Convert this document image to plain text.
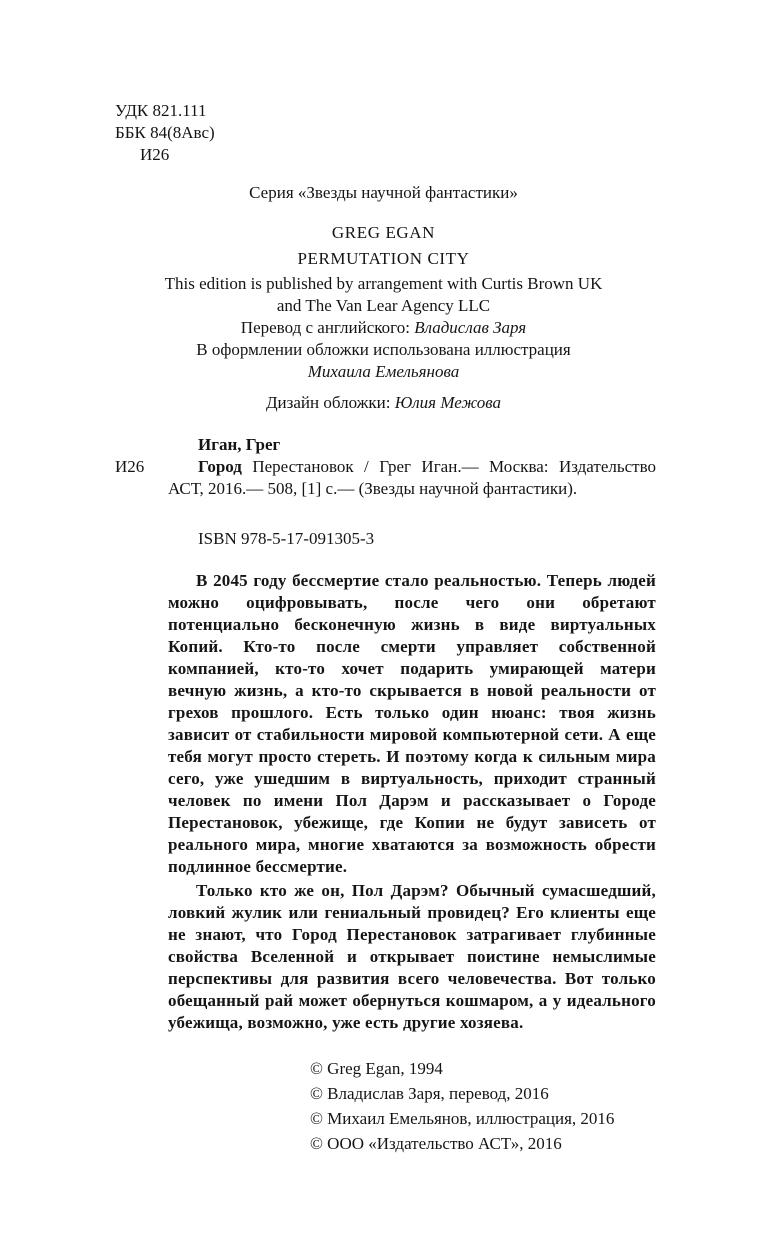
УДК 821.111
ББК 84(8Авс)
И26
Серия «Звезды научной фантастики»
GREG EGAN
PERMUTATION CITY
This edition is published by arrangement with Curtis Brown UK
and The Van Lear Agency LLC
Перевод с английского: Владислав Заря
В оформлении обложки использована иллюстрация
Михаила Емельянова
Дизайн обложки: Юлия Межова
Иган, Грег
И26	Город Перестановок / Грег Иган.— Москва: Издательство АСТ, 2016.— 508, [1] с.— (Звезды научной фантастики).
ISBN 978-5-17-091305-3

В 2045 году бессмертие стало реальностью. Теперь людей можно оцифровывать, после чего они обретают потенциально бесконечную жизнь в виде виртуальных Копий. Кто-то после смерти управляет собственной компанией, кто-то хочет подарить умирающей матери вечную жизнь, а кто-то скрывается в новой реальности от грехов прошлого. Есть только один нюанс: твоя жизнь зависит от стабильности мировой компьютерной сети. А еще тебя могут просто стереть. И поэтому когда к сильным мира сего, уже ушедшим в виртуальность, приходит странный человек по имени Пол Дарэм и рассказывает о Городе Перестановок, убежище, где Копии не будут зависеть от реального мира, многие хватаются за возможность обрести подлинное бессмертие.

Только кто же он, Пол Дарэм? Обычный сумасшедший, ловкий жулик или гениальный провидец? Его клиенты еще не знают, что Город Перестановок затрагивает глубинные свойства Вселенной и открывает поистине немыслимые перспективы для развития всего человечества. Вот только обещанный рай может обернуться кошмаром, а у идеального убежища, возможно, уже есть другие хозяева.

© Greg Egan, 1994
© Владислав Заря, перевод, 2016
© Михаил Емельянов, иллюстрация, 2016
© ООО «Издательство АСТ», 2016
